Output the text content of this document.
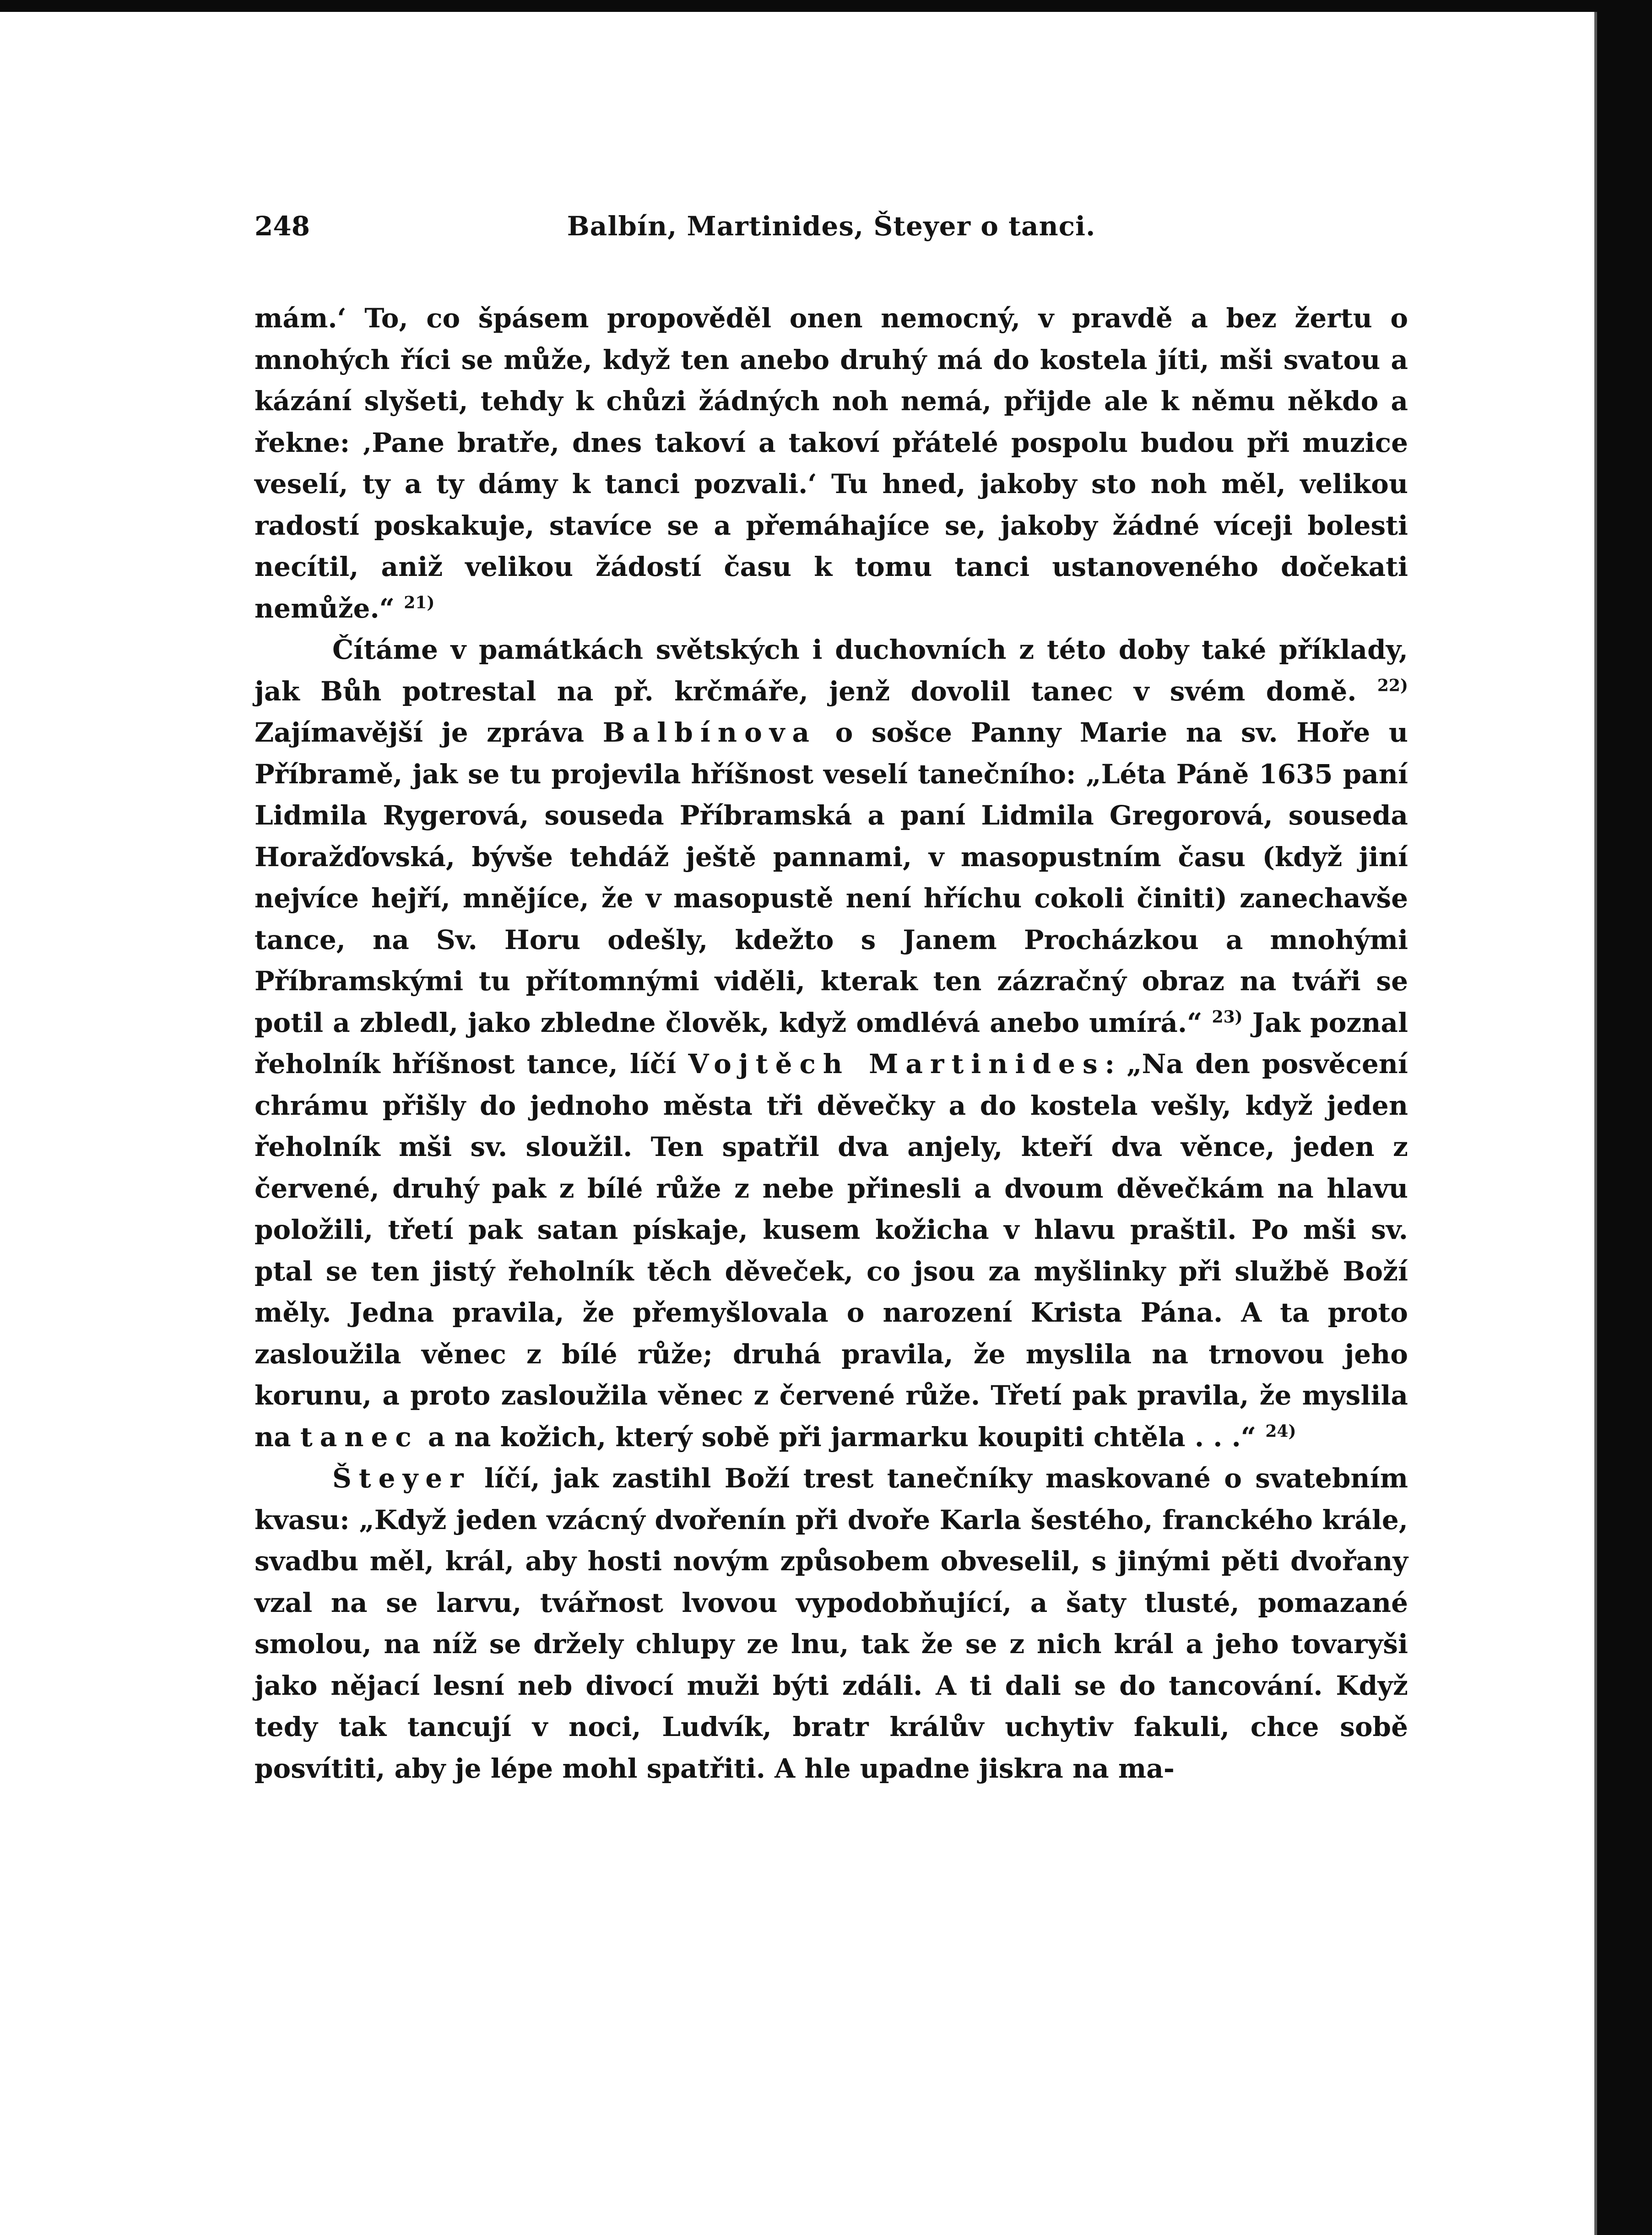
248	Balbín, Martinides, Šteyer o tanci.

mám.‘ To, co špásem propověděl onen nemocný, v pravdě a bez žertu o mnohých říci se může, když ten anebo druhý má do kostela jíti, mši svatou a kázání slyšeti, tehdy k chůzi žádných noh nemá, přijde ale k němu někdo a řekne: ‚Pane bratře, dnes takoví a takoví přátelé pospolu budou při muzice veselí, ty a ty dámy k tanci pozvali.‘ Tu hned, jakoby sto noh měl, velikou radostí poskakuje, stavíce se a přemáhajíce se, jakoby žádné víceji bolesti necítil, aniž velikou žádostí času k tomu tanci ustanoveného dočekati nemůže.“ $^{21)}$

Čítáme v památkách světských i duchovních z této doby také příklady, jak Bůh potrestal na př. krčmáře, jenž dovolil tanec v svém domě. $^{22)}$ Zajímavější je zpráva Balbínova o sošce Panny Marie na sv. Hoře u Příbramě, jak se tu projevila hříšnost veselí tanečního: „Léta Páně 1635 paní Lidmila Rygerová, souseda Příbramská a paní Lidmila Gregorová, souseda Horažďovská, bývše tehdáž ještě pannami, v masopustním času (když jiní nejvíce hejří, mnějíce, že v masopustě není hříchu cokoli činiti) zanechavše tance, na Sv. Horu odešly, kdežto s Janem Procházkou a mnohými Příbramskými tu přítomnými viděli, kterak ten zázračný obraz na tváři se potil a zbledl, jako zbledne člověk, když omdlévá anebo umírá.“ $^{23)}$ Jak poznal řeholník hříšnost tance, líčí Vojtěch Martinides: „Na den posvěcení chrámu přišly do jednoho města tři děvečky a do kostela vešly, když jeden řeholník mši sv. sloužil. Ten spatřil dva anjely, kteří dva věnce, jeden z červené, druhý pak z bílé růže z nebe přinesli a dvoum děvečkám na hlavu položili, třetí pak satan pískaje, kusem kožicha v hlavu praštil. Po mši sv. ptal se ten jistý řeholník těch děveček, co jsou za myšlinky při službě Boží měly. Jedna pravila, že přemyšlovala o narození Krista Pána. A ta proto zasloužila věnec z bílé růže; druhá pravila, že myslila na trnovou jeho korunu, a proto zasloužila věnec z červené růže. Třetí pak pravila, že myslila na tanec a na kožich, který sobě při jarmarku koupiti chtěla . . .“ $^{24)}$

Šteyer líčí, jak zastihl Boží trest tanečníky maskované o svatebním kvasu: „Když jeden vzácný dvořenín při dvoře Karla šestého, franckého krále, svadbu měl, král, aby hosti novým způsobem obveselil, s jinými pěti dvořany vzal na se larvu, tvářnost lvovou vypodobňující, a šaty tlusté, pomazané smolou, na níž se držely chlupy ze lnu, tak že se z nich král a jeho tovaryši jako nějací lesní neb divocí muži býti zdáli. A ti dali se do tancování. Když tedy tak tancují v noci, Ludvík, bratr králův uchytiv fakuli, chce sobě posvítiti, aby je lépe mohl spatřiti. A hle upadne jiskra na ma-
